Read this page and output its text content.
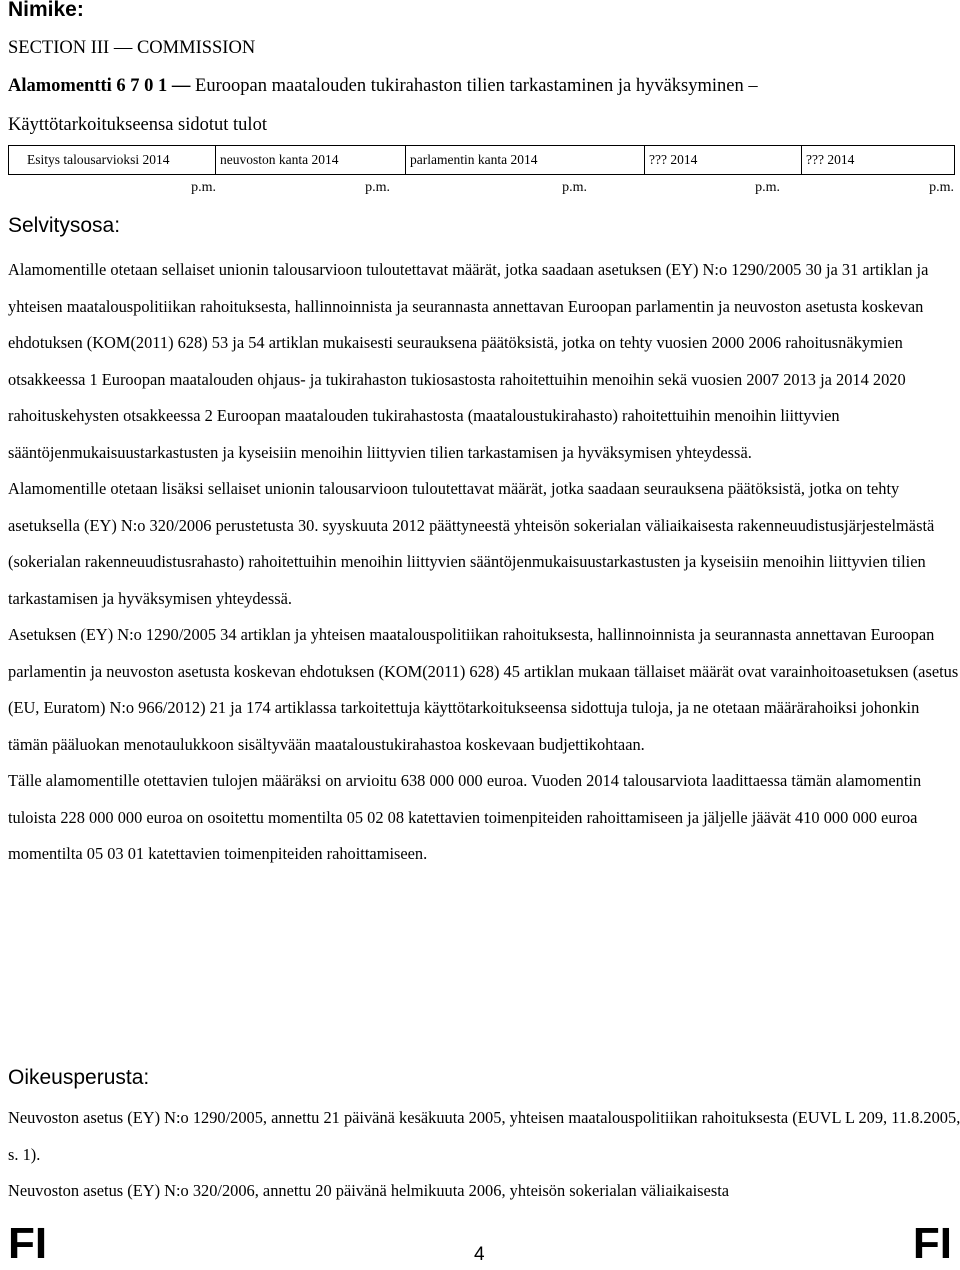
Nimike:
SECTION III — COMMISSION
Alamomentti 6 7 0 1 — Euroopan maatalouden tukirahaston tilien tarkastaminen ja hyväksyminen –
Käyttötarkoitukseensa sidotut tulot
Esitys talousarvioksi 2014	neuvoston kanta 2014	parlamentin kanta 2014	??? 2014	??? 2014
p.m.	p.m.	p.m.	p.m.	p.m.
Selvitysosa:

Alamomentille otetaan sellaiset unionin talousarvioon tuloutettavat määrät, jotka saadaan asetuksen (EY) N:o 1290/2005 30 ja 31 artiklan ja yhteisen maatalouspolitiikan rahoituksesta, hallinnoinnista ja seurannasta annettavan Euroopan parlamentin ja neuvoston asetusta koskevan ehdotuksen (KOM(2011) 628) 53 ja 54 artiklan mukaisesti seurauksena päätöksistä, jotka on tehty vuosien 2000 2006 rahoitusnäkymien otsakkeessa 1 Euroopan maatalouden ohjaus- ja tukirahaston tukiosastosta rahoitettuihin menoihin sekä vuosien 2007 2013 ja 2014 2020 rahoituskehysten otsakkeessa 2 Euroopan maatalouden tukirahastosta (maataloustukirahasto) rahoitettuihin menoihin liittyvien sääntöjenmukaisuustarkastusten ja kyseisiin menoihin liittyvien tilien tarkastamisen ja hyväksymisen yhteydessä.

Alamomentille otetaan lisäksi sellaiset unionin talousarvioon tuloutettavat määrät, jotka saadaan seurauksena päätöksistä, jotka on tehty asetuksella (EY) N:o 320/2006 perustetusta 30. syyskuuta 2012 päättyneestä yhteisön sokerialan väliaikaisesta rakenneuudistusjärjestelmästä (sokerialan rakenneuudistusrahasto) rahoitettuihin menoihin liittyvien sääntöjenmukaisuustarkastusten ja kyseisiin menoihin liittyvien tilien tarkastamisen ja hyväksymisen yhteydessä.

Asetuksen (EY) N:o 1290/2005 34 artiklan ja yhteisen maatalouspolitiikan rahoituksesta, hallinnoinnista ja seurannasta annettavan Euroopan parlamentin ja neuvoston asetusta koskevan ehdotuksen (KOM(2011) 628) 45 artiklan mukaan tällaiset määrät ovat varainhoitoasetuksen (asetus (EU, Euratom) N:o 966/2012) 21 ja 174 artiklassa tarkoitettuja käyttötarkoitukseensa sidottuja tuloja, ja ne otetaan määrärahoiksi johonkin tämän pääluokan menotaulukkoon sisältyvään maataloustukirahastoa koskevaan budjettikohtaan.

Tälle alamomentille otettavien tulojen määräksi on arvioitu 638 000 000 euroa. Vuoden 2014 talousarviota laadittaessa tämän alamomentin tuloista 228 000 000 euroa on osoitettu momentilta 05 02 08 katettavien toimenpiteiden rahoittamiseen ja jäljelle jäävät 410 000 000 euroa momentilta 05 03 01 katettavien toimenpiteiden rahoittamiseen.

Oikeusperusta:

Neuvoston asetus (EY) N:o 1290/2005, annettu 21 päivänä kesäkuuta 2005, yhteisen maatalouspolitiikan rahoituksesta (EUVL L 209, 11.8.2005, s. 1).

Neuvoston asetus (EY) N:o 320/2006, annettu 20 päivänä helmikuuta 2006, yhteisön sokerialan väliaikaisesta

FI	4	FI
